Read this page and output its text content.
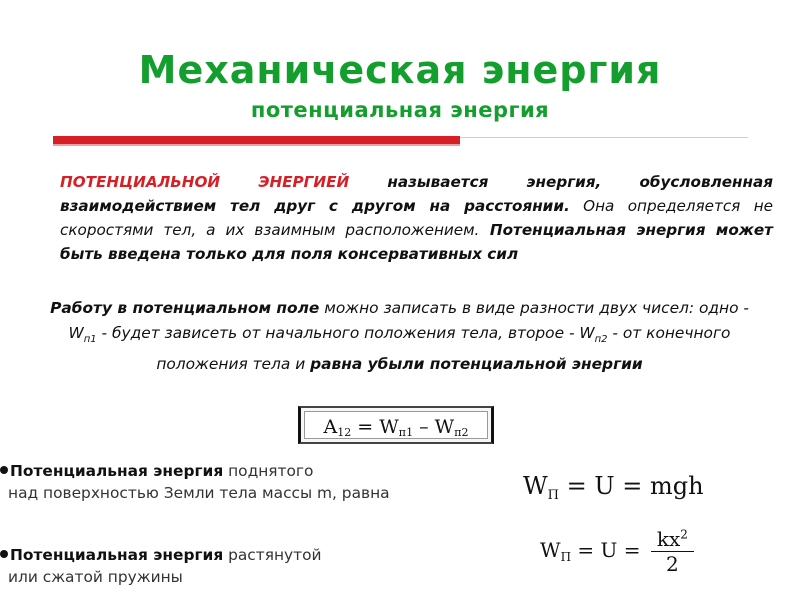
Механическая энергия
потенциальная энергия
ПОТЕНЦИАЛЬНОЙ ЭНЕРГИЕЙ называется энергия, обусловленная взаимодействием тел друг с другом на расстоянии. Она определяется не скоростями тел, а их взаимным расположением. Потенциальная энергия может быть введена только для поля консервативных сил
Работу в потенциальном поле можно записать в виде разности двух чисел: одно - $W_{п1}$ - будет зависеть от начального положения тела, второе - $W_{п2}$ - от конечного положения тела и равна убыли потенциальной энергии
A12 = Wп1 – Wп2
Потенциальная энергия поднятого
над поверхностью Земли тела массы m, равна	$W_П = U$ = mgh
Потенциальная энергия растянутой
или сжатой пружины
$W_П = U = \frac{kx^2}{2}$
